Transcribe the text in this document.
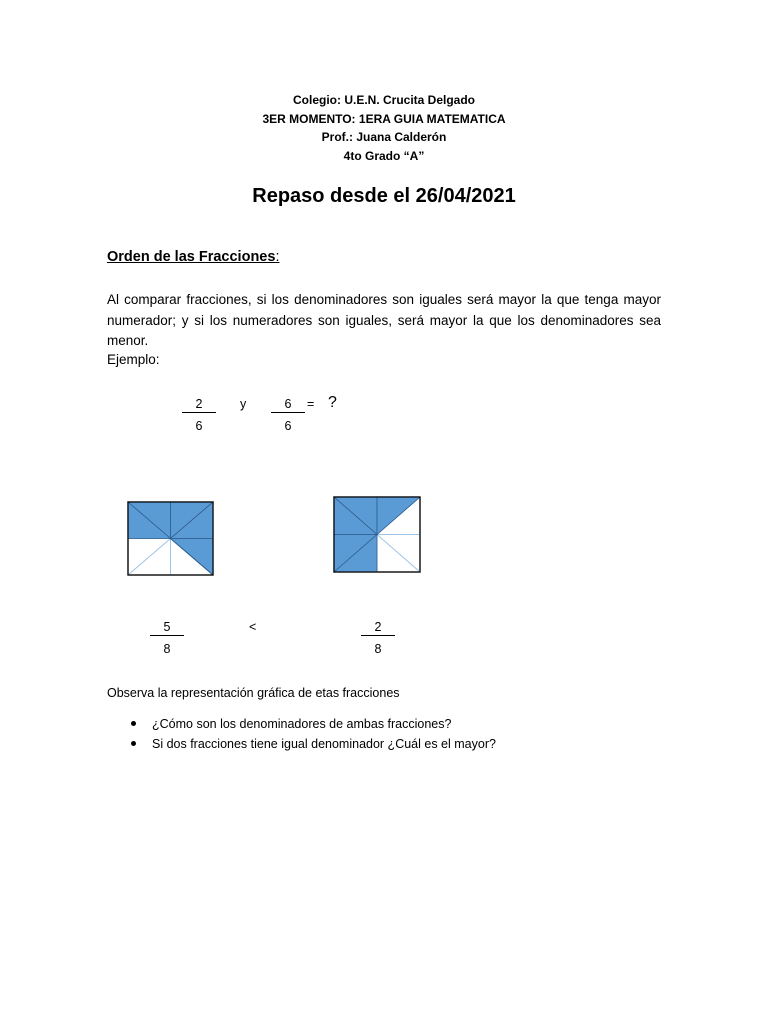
Colegio: U.E.N. Crucita Delgado
3ER MOMENTO: 1ERA GUIA MATEMATICA
Prof.: Juana Calderón
4to Grado “A”
Repaso desde el 26/04/2021
Orden de las Fracciones:
Al comparar fracciones, si los denominadores son iguales será mayor la que tenga mayor numerador; y si los numeradores son iguales, será mayor la que los denominadores sea menor.
Ejemplo:
$\frac{2}{6}$ y $\frac{6}{6}$ = ?
$\frac{5}{8}$	<	$\frac{2}{8}$
Observa la representación gráfica de etas fracciones
¿Cómo son los denominadores de ambas fracciones?
Si dos fracciones tiene igual denominador ¿Cuál es el mayor?
